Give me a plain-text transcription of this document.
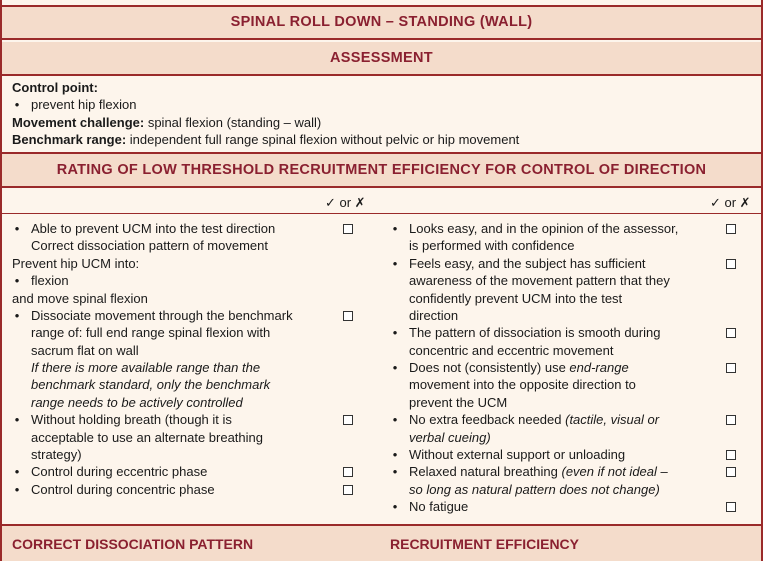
SPINAL ROLL DOWN – STANDING (WALL)
ASSESSMENT
Control point:
• prevent hip flexion
Movement challenge: spinal flexion (standing – wall)
Benchmark range: independent full range spinal flexion without pelvic or hip movement
RATING OF LOW THRESHOLD RECRUITMENT EFFICIENCY FOR CONTROL OF DIRECTION
✓ or ✗	✓ or ✗
• Able to prevent UCM into the test direction
Correct dissociation pattern of movement
Prevent hip UCM into:
• flexion
and move spinal flexion
• Dissociate movement through the benchmark
range of: full end range spinal flexion with
sacrum flat on wall
If there is more available range than the
benchmark standard, only the benchmark
range needs to be actively controlled
• Without holding breath (though it is
acceptable to use an alternate breathing
strategy)
• Control during eccentric phase
• Control during concentric phase
• Looks easy, and in the opinion of the assessor,
is performed with confidence
• Feels easy, and the subject has sufficient
awareness of the movement pattern that they
confidently prevent UCM into the test
direction
• The pattern of dissociation is smooth during
concentric and eccentric movement
• Does not (consistently) use end-range
movement into the opposite direction to
prevent the UCM
• No extra feedback needed (tactile, visual or
verbal cueing)
• Without external support or unloading
• Relaxed natural breathing (even if not ideal –
so long as natural pattern does not change)
• No fatigue
CORRECT DISSOCIATION PATTERN	RECRUITMENT EFFICIENCY
